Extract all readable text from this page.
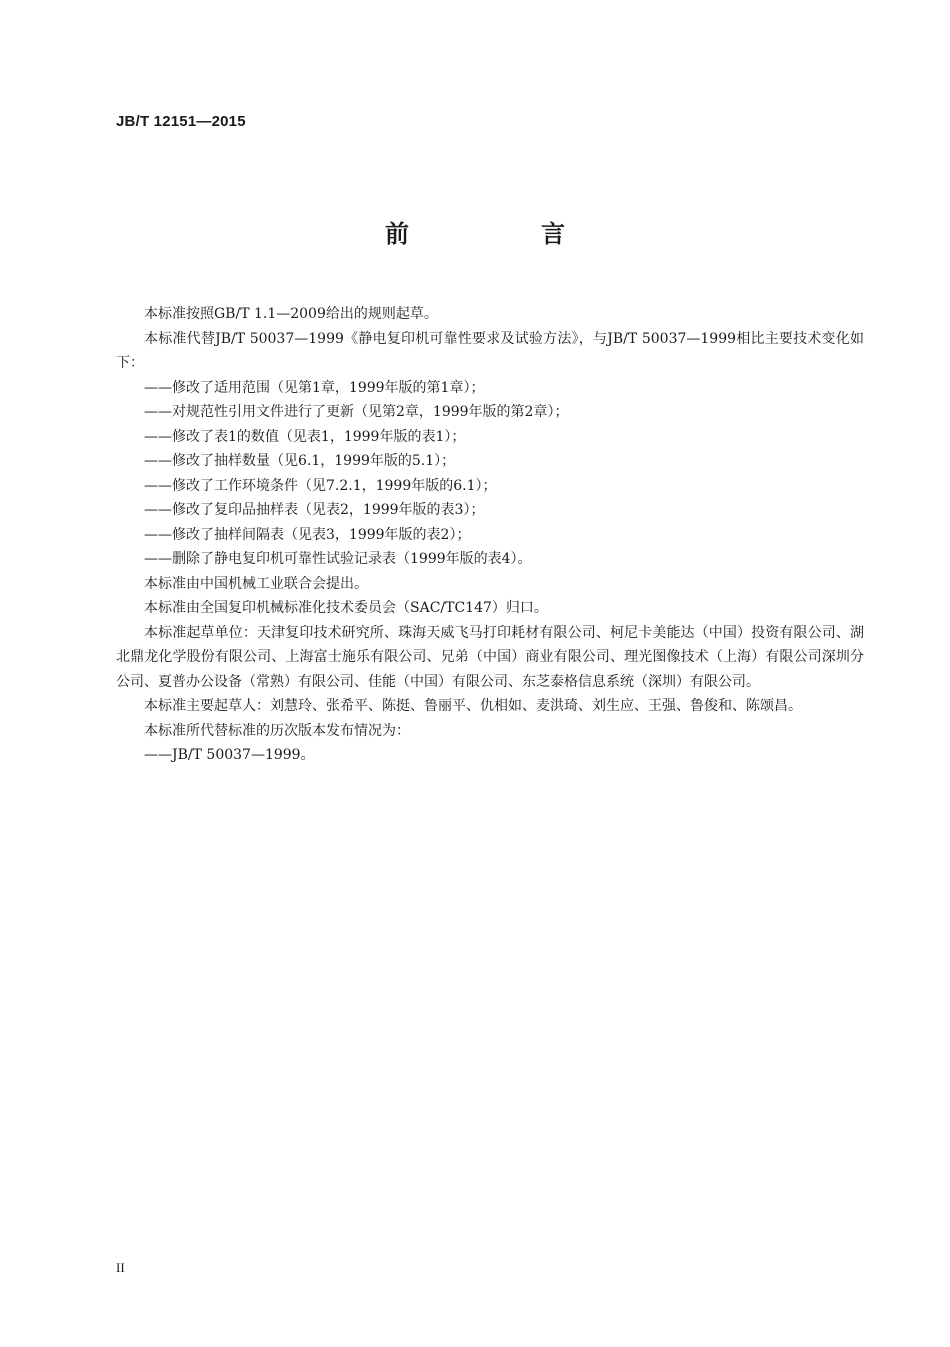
JB/T 12151—2015
前　言

本标准按照GB/T 1.1—2009给出的规则起草。

本标准代替JB/T 50037—1999《静电复印机可靠性要求及试验方法》，与JB/T 50037—1999相比主要技术变化如下：

——修改了适用范围（见第1章，1999年版的第1章）；

——对规范性引用文件进行了更新（见第2章，1999年版的第2章）；

——修改了表1的数值（见表1，1999年版的表1）；

——修改了抽样数量（见6.1，1999年版的5.1）；

——修改了工作环境条件（见7.2.1，1999年版的6.1）；

——修改了复印品抽样表（见表2，1999年版的表3）；

——修改了抽样间隔表（见表3，1999年版的表2）；

——删除了静电复印机可靠性试验记录表（1999年版的表4）。

本标准由中国机械工业联合会提出。

本标准由全国复印机械标准化技术委员会（SAC/TC147）归口。

本标准起草单位：天津复印技术研究所、珠海天威飞马打印耗材有限公司、柯尼卡美能达（中国）投资有限公司、湖北鼎龙化学股份有限公司、上海富士施乐有限公司、兄弟（中国）商业有限公司、理光图像技术（上海）有限公司深圳分公司、夏普办公设备（常熟）有限公司、佳能（中国）有限公司、东芝泰格信息系统（深圳）有限公司。

本标准主要起草人：刘慧玲、张希平、陈挺、鲁丽平、仇相如、麦洪琦、刘生应、王强、鲁俊和、陈颂昌。

本标准所代替标准的历次版本发布情况为：

——JB/T 50037—1999。

II
